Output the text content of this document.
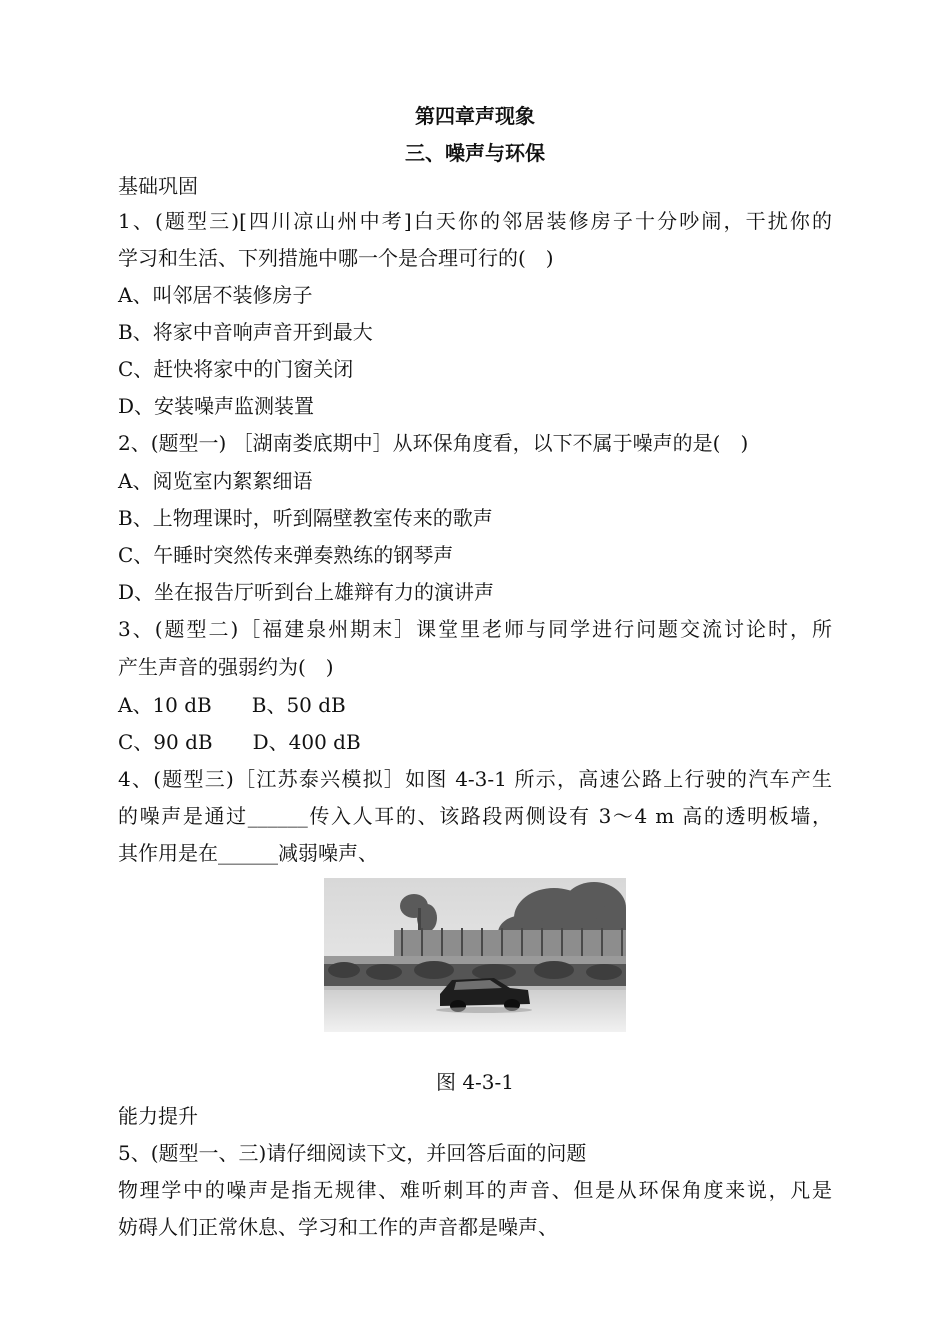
第四章声现象
三、噪声与环保
基础巩固
1、(题型三)[四川凉山州中考]白天你的邻居装修房子十分吵闹，干扰你的
学习和生活、下列措施中哪一个是合理可行的(　)
A、叫邻居不装修房子
B、将家中音响声音开到最大
C、赶快将家中的门窗关闭
D、安装噪声监测装置
2、(题型一) ［湖南娄底期中］从环保角度看，以下不属于噪声的是(　)
A、阅览室内絮絮细语
B、上物理课时，听到隔壁教室传来的歌声
C、午睡时突然传来弹奏熟练的钢琴声
D、坐在报告厅听到台上雄辩有力的演讲声
3、(题型二)［福建泉州期末］课堂里老师与同学进行问题交流讨论时，所
产生声音的强弱约为(　)
A、10 dB　　B、50 dB
C、90 dB　　D、400 dB
4、(题型三)［江苏泰兴模拟］如图 4-3-1 所示，高速公路上行驶的汽车产生
的噪声是通过______传入人耳的、该路段两侧设有 3～4 m 高的透明板墙，
其作用是在______减弱噪声、
图 4-3-1
能力提升
5、(题型一、三)请仔细阅读下文，并回答后面的问题
物理学中的噪声是指无规律、难听刺耳的声音、但是从环保角度来说，凡是
妨碍人们正常休息、学习和工作的声音都是噪声、
